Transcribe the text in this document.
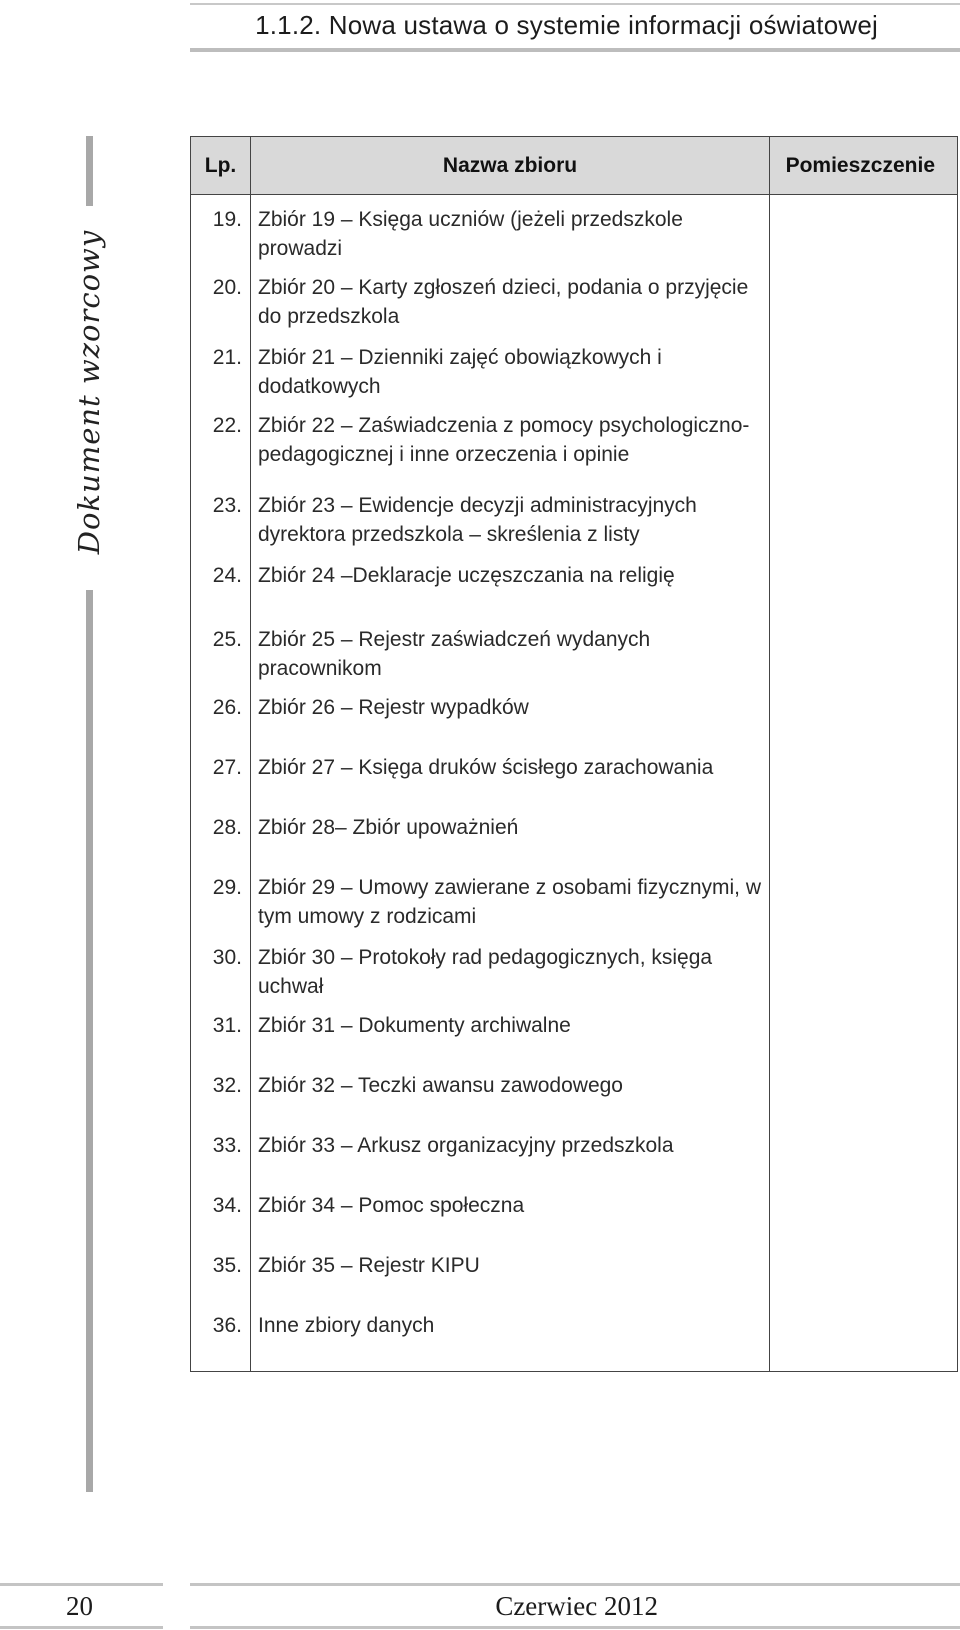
1.1.2. Nowa ustawa o systemie informacji oświatowej
Dokument wzorcowy
Lp.	Nazwa zbioru	Pomieszczenie
19.	Zbiór 19 – Księga uczniów (jeżeli przedszkole prowadzi	
20.	Zbiór 20 – Karty zgłoszeń dzieci, podania o przyjęcie do przedszkola	
21.	Zbiór 21 – Dzienniki zajęć obowiązkowych i dodatkowych	
22.	Zbiór 22 – Zaświadczenia z pomocy psychologiczno-pedagogicznej i inne orzeczenia i opinie	
23.	Zbiór 23 – Ewidencje decyzji administracyjnych dyrektora przedszkola – skreślenia z listy	
24.	Zbiór 24 –Deklaracje uczęszczania na religię	
25.	Zbiór 25 – Rejestr zaświadczeń wydanych pracownikom	
26.	Zbiór 26 – Rejestr wypadków	
27.	Zbiór 27 – Księga druków ścisłego zarachowania	
28.	Zbiór 28– Zbiór upoważnień	
29.	Zbiór 29 – Umowy zawierane z osobami fizycznymi, w tym umowy z rodzicami	
30.	Zbiór 30 – Protokoły rad pedagogicznych, księga uchwał	
31.	Zbiór 31 – Dokumenty archiwalne	
32.	Zbiór 32 – Teczki awansu zawodowego	
33.	Zbiór 33 – Arkusz organizacyjny przedszkola	
34.	Zbiór 34 – Pomoc społeczna	
35.	Zbiór 35 – Rejestr KIPU	
36.	Inne zbiory danych	
20	Czerwiec 2012
